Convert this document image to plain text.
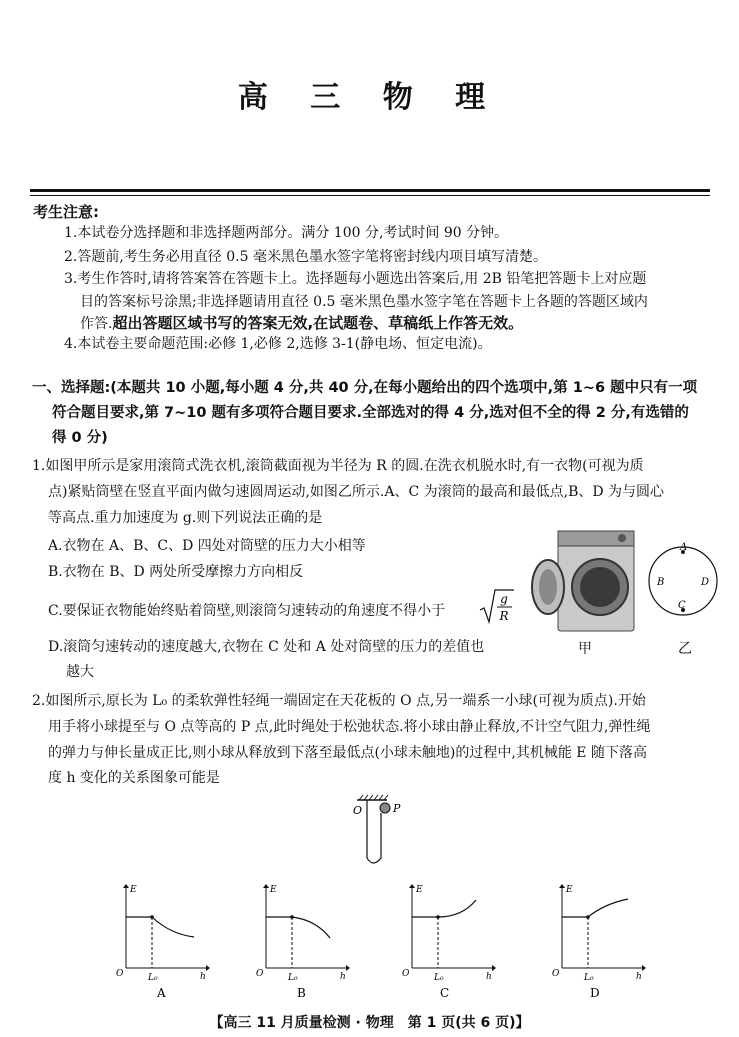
高 三 物 理
考生注意:
1.本试卷分选择题和非选择题两部分。满分 100 分,考试时间 90 分钟。
2.答题前,考生务必用直径 0.5 毫米黑色墨水签字笔将密封线内项目填写清楚。
3.考生作答时,请将答案答在答题卡上。选择题每小题选出答案后,用 2B 铅笔把答题卡上对应题
目的答案标号涂黑;非选择题请用直径 0.5 毫米黑色墨水签字笔在答题卡上各题的答题区域内
作答.超出答题区域书写的答案无效,在试题卷、草稿纸上作答无效。
4.本试卷主要命题范围:必修 1,必修 2,选修 3-1(静电场、恒定电流)。
一、选择题:(本题共 10 小题,每小题 4 分,共 40 分,在每小题给出的四个选项中,第 1~6 题中只有一项
符合题目要求,第 7~10 题有多项符合题目要求.全部选对的得 4 分,选对但不全的得 2 分,有选错的
得 0 分)
1.如图甲所示是家用滚筒式洗衣机,滚筒截面视为半径为 R 的圆.在洗衣机脱水时,有一衣物(可视为质
点)紧贴筒壁在竖直平面内做匀速圆周运动,如图乙所示.A、C 为滚筒的最高和最低点,B、D 为与圆心
等高点.重力加速度为 g.则下列说法正确的是
A.衣物在 A、B、C、D 四处对筒壁的压力大小相等
B.衣物在 B、D 两处所受摩擦力方向相反
C.要保证衣物能始终贴着筒壁,则滚筒匀速转动的角速度不得小于
g
R
D.滚筒匀速转动的速度越大,衣物在 C 处和 A 处对筒壁的压力的差值也
越大
甲
A
B
C
D
乙
2.如图所示,原长为 L₀ 的柔软弹性轻绳一端固定在天花板的 O 点,另一端系一小球(可视为质点).开始
用手将小球提至与 O 点等高的 P 点,此时绳处于松弛状态.将小球由静止释放,不计空气阻力,弹性绳
的弹力与伸长量成正比,则小球从释放到下落至最低点(小球未触地)的过程中,其机械能 E 随下落高
度 h 变化的关系图象可能是
O	P
E
h
O	L₀
A
E
h
O	L₀
B
E
h
O	L₀
C
E
h
O	L₀
D
【高三 11 月质量检测 · 物理　第 1 页(共 6 页)】
